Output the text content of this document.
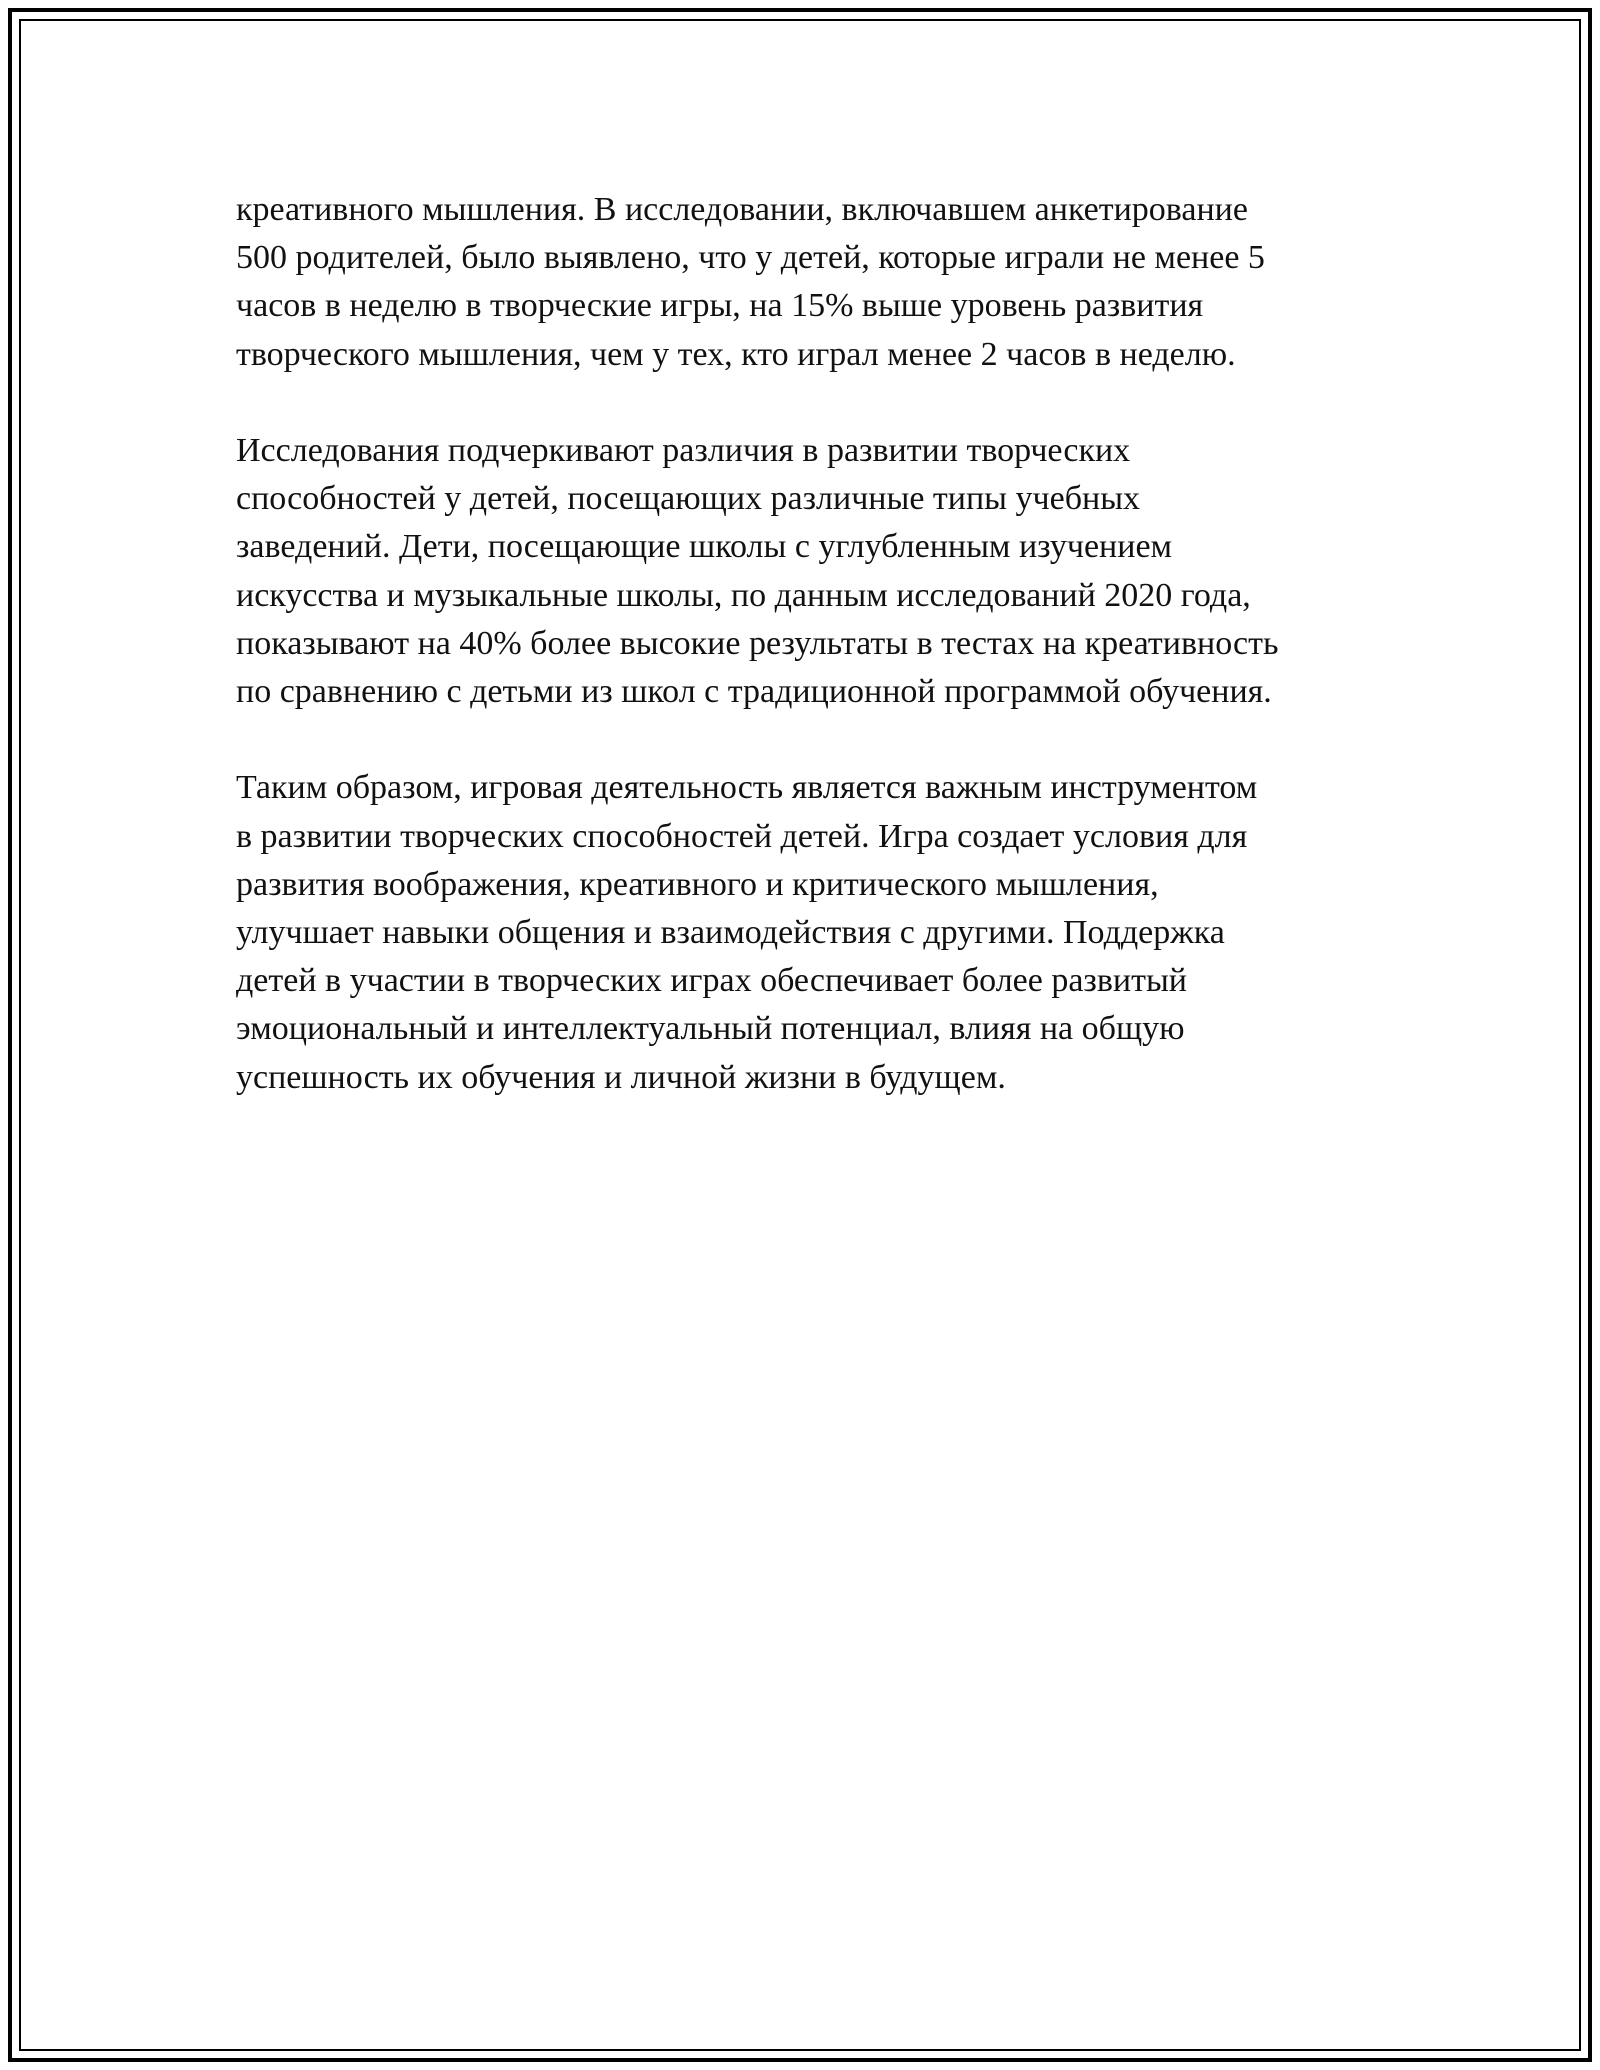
креативного мышления. В исследовании, включавшем анкетирование
500 родителей, было выявлено, что у детей, которые играли не менее 5
часов в неделю в творческие игры, на 15% выше уровень развития
творческого мышления, чем у тех, кто играл менее 2 часов в неделю.

Исследования подчеркивают различия в развитии творческих
способностей у детей, посещающих различные типы учебных
заведений. Дети, посещающие школы с углубленным изучением
искусства и музыкальные школы, по данным исследований 2020 года,
показывают на 40% более высокие результаты в тестах на креативность
по сравнению с детьми из школ с традиционной программой обучения.

Таким образом, игровая деятельность является важным инструментом
в развитии творческих способностей детей. Игра создает условия для
развития воображения, креативного и критического мышления,
улучшает навыки общения и взаимодействия с другими. Поддержка
детей в участии в творческих играх обеспечивает более развитый
эмоциональный и интеллектуальный потенциал, влияя на общую
успешность их обучения и личной жизни в будущем.
